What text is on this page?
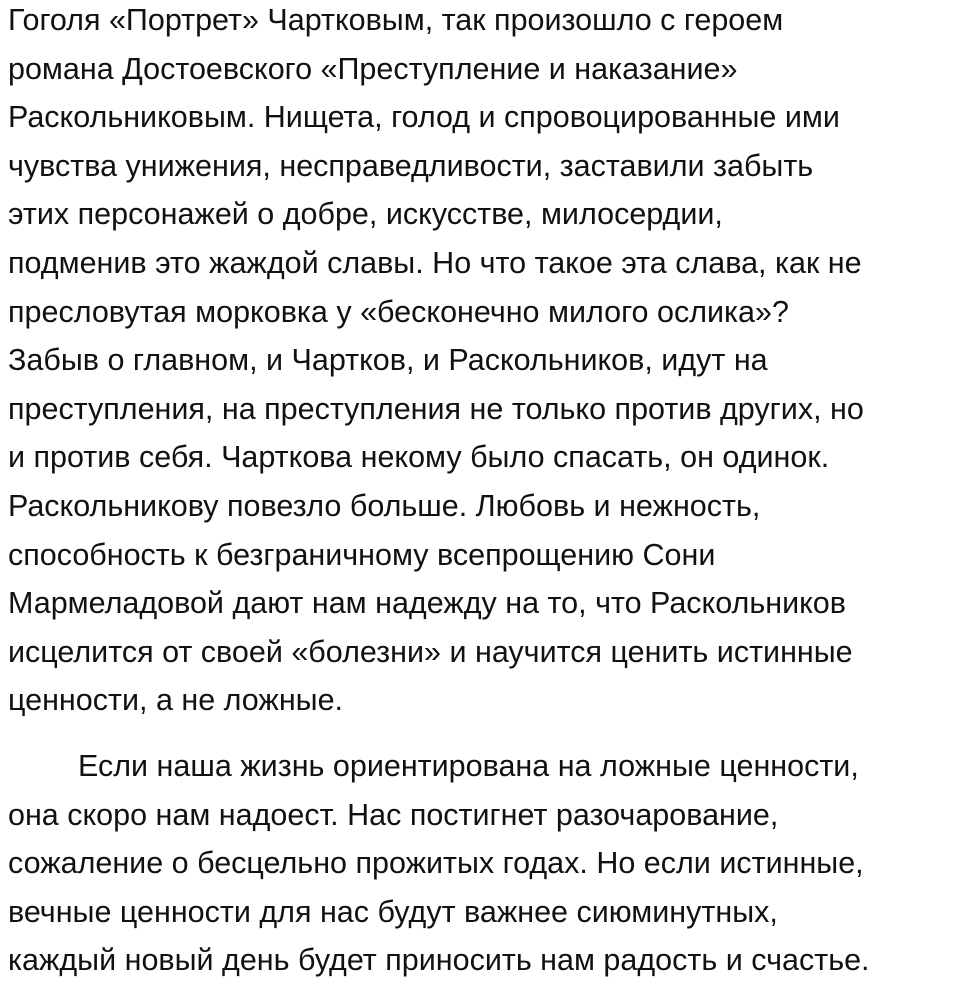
Гоголя «Портрет» Чартковым, так произошло с героем
романа Достоевского «Преступление и наказание»
Раскольниковым. Нищета, голод и спровоцированные ими
чувства унижения, несправедливости, заставили забыть
этих персонажей о добре, искусстве, милосердии,
подменив это жаждой славы. Но что такое эта слава, как не
пресловутая морковка у «бесконечно милого ослика»?
Забыв о главном, и Чартков, и Раскольников, идут на
преступления, на преступления не только против других, но
и против себя. Чарткова некому было спасать, он одинок.
Раскольникову повезло больше. Любовь и нежность,
способность к безграничному всепрощению Сони
Мармеладовой дают нам надежду на то, что Раскольников
исцелится от своей «болезни» и научится ценить истинные
ценности, а не ложные.
Если наша жизнь ориентирована на ложные ценности,
она скоро нам надоест. Нас постигнет разочарование,
сожаление о бесцельно прожитых годах. Но если истинные,
вечные ценности для нас будут важнее сиюминутных,
каждый новый день будет приносить нам радость и счастье.
